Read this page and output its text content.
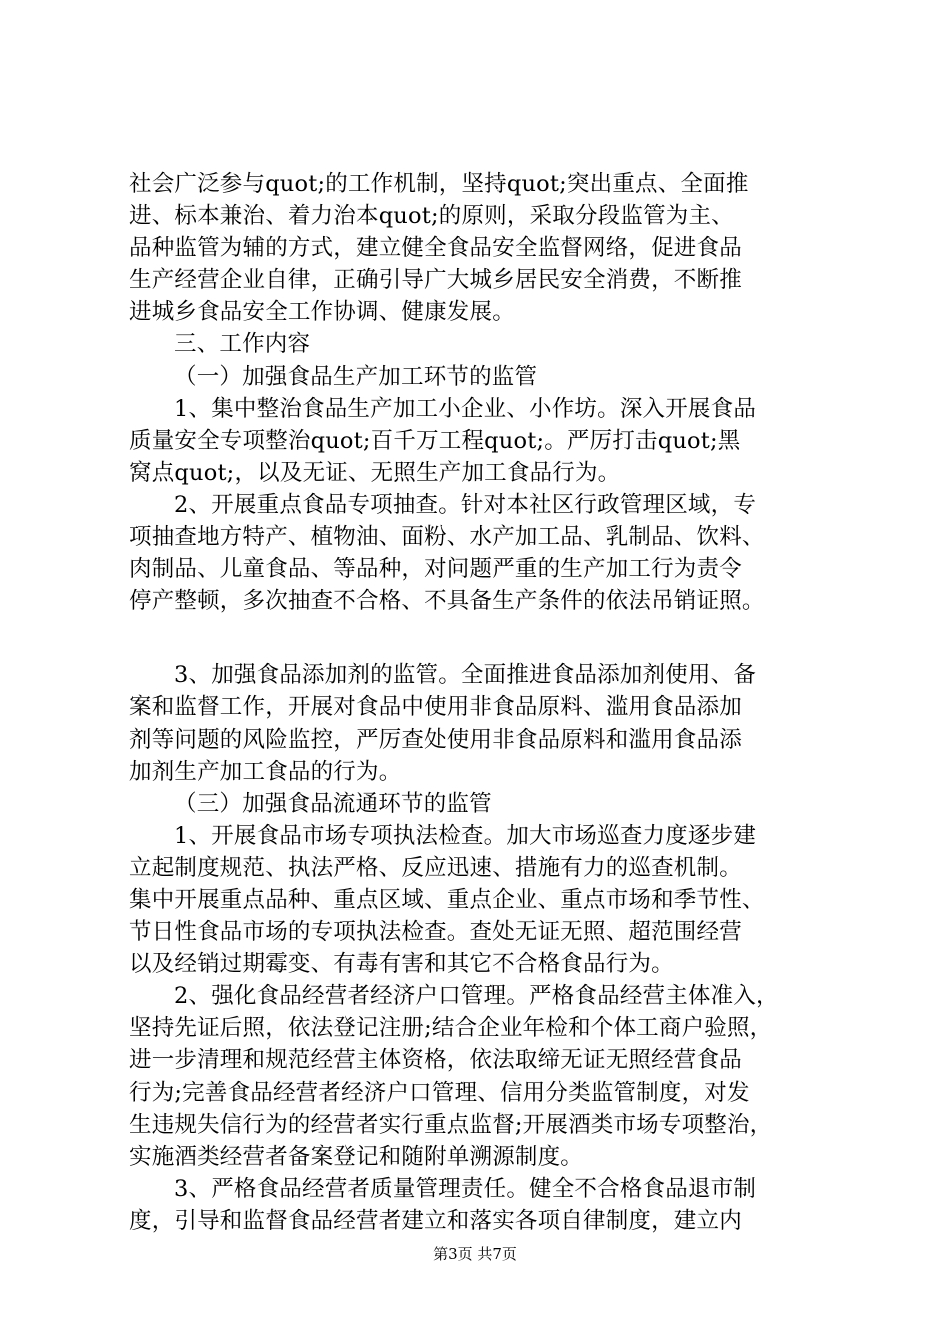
社会广泛参与quot;的工作机制，坚持quot;突出重点、全面推
进、标本兼治、着力治本quot;的原则，采取分段监管为主、
品种监管为辅的方式，建立健全食品安全监督网络，促进食品
生产经营企业自律，正确引导广大城乡居民安全消费，不断推
进城乡食品安全工作协调、健康发展。
三、工作内容
（一）加强食品生产加工环节的监管
1、集中整治食品生产加工小企业、小作坊。深入开展食品
质量安全专项整治quot;百千万工程quot;。严厉打击quot;黑
窝点quot;，以及无证、无照生产加工食品行为。
2、开展重点食品专项抽查。针对本社区行政管理区域，专
项抽查地方特产、植物油、面粉、水产加工品、乳制品、饮料、
肉制品、儿童食品、等品种，对问题严重的生产加工行为责令
停产整顿，多次抽查不合格、不具备生产条件的依法吊销证照。
3、加强食品添加剂的监管。全面推进食品添加剂使用、备
案和监督工作，开展对食品中使用非食品原料、滥用食品添加
剂等问题的风险监控，严厉查处使用非食品原料和滥用食品添
加剂生产加工食品的行为。
（三）加强食品流通环节的监管
1、开展食品市场专项执法检查。加大市场巡查力度逐步建
立起制度规范、执法严格、反应迅速、措施有力的巡查机制。
集中开展重点品种、重点区域、重点企业、重点市场和季节性、
节日性食品市场的专项执法检查。查处无证无照、超范围经营
以及经销过期霉变、有毒有害和其它不合格食品行为。
2、强化食品经营者经济户口管理。严格食品经营主体准入，
坚持先证后照，依法登记注册;结合企业年检和个体工商户验照，
进一步清理和规范经营主体资格，依法取缔无证无照经营食品
行为;完善食品经营者经济户口管理、信用分类监管制度，对发
生违规失信行为的经营者实行重点监督;开展酒类市场专项整治，
实施酒类经营者备案登记和随附单溯源制度。
3、严格食品经营者质量管理责任。健全不合格食品退市制
度，引导和监督食品经营者建立和落实各项自律制度，建立内
第3页 共7页
